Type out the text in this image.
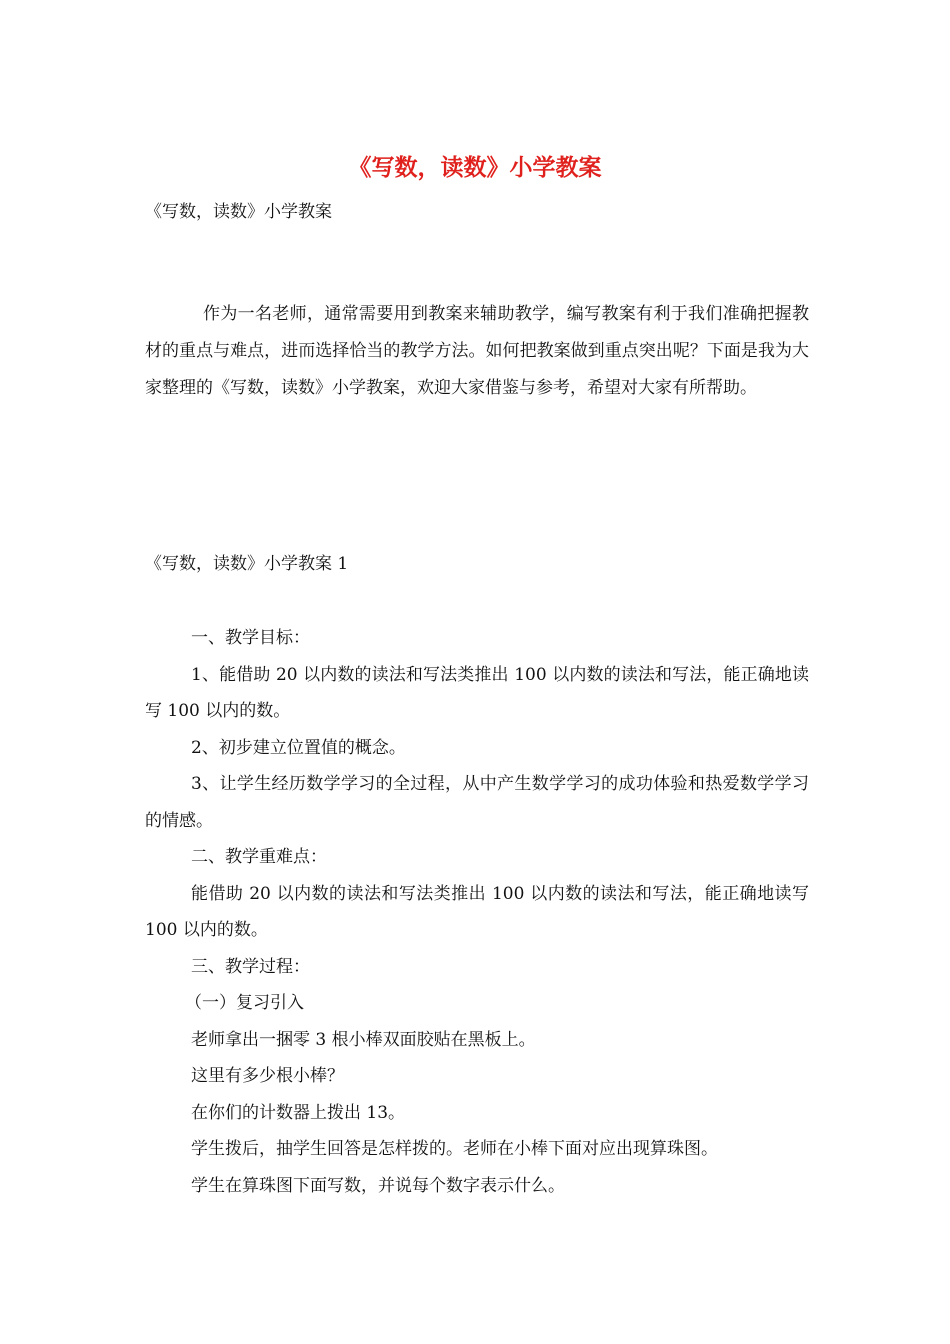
《写数，读数》小学教案
《写数，读数》小学教案

作为一名老师，通常需要用到教案来辅助教学，编写教案有利于我们准确把握教材的重点与难点，进而选择恰当的教学方法。如何把教案做到重点突出呢？下面是我为大家整理的《写数，读数》小学教案，欢迎大家借鉴与参考，希望对大家有所帮助。

《写数，读数》小学教案 1

一、教学目标：

1、能借助 20 以内数的读法和写法类推出 100 以内数的读法和写法，能正确地读写 100 以内的数。

2、初步建立位置值的概念。

3、让学生经历数学学习的全过程，从中产生数学学习的成功体验和热爱数学学习的情感。

二、教学重难点：

能借助 20 以内数的读法和写法类推出 100 以内数的读法和写法，能正确地读写 100 以内的数。

三、教学过程：

（一）复习引入

老师拿出一捆零 3 根小棒双面胶贴在黑板上。

这里有多少根小棒？

在你们的计数器上拨出 13。

学生拨后，抽学生回答是怎样拨的。老师在小棒下面对应出现算珠图。

学生在算珠图下面写数，并说每个数字表示什么。
